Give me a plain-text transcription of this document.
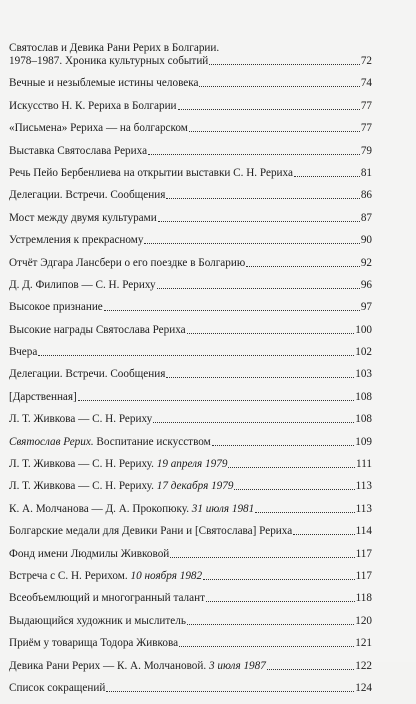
Святослав и Девика Рани Рерих в Болгарии.
1978–1987. Хроника культурных событий	72
Вечные и незыблемые истины человека	74
Искусство Н. К. Рериха в Болгарии	77
«Письмена» Рериха — на болгарском	77
Выставка Святослава Рериха	79
Речь Пейо Бербенлиева на открытии выставки С. Н. Рериха	81
Делегации. Встречи. Сообщения	86
Мост между двумя культурами	87
Устремления к прекрасному	90
Отчёт Эдгара Лансбери о его поездке в Болгарию	92
Д. Д. Филипов — С. Н. Рериху	96
Высокое признание	97
Высокие награды Святослава Рериха	100
Вчера	102
Делегации. Встречи. Сообщения	103
[Дарственная]	108
Л. Т. Живкова — С. Н. Рериху	108
Святослав Рерих. Воспитание искусством	109
Л. Т. Живкова — С. Н. Рериху. 19 апреля 1979	111
Л. Т. Живкова — С. Н. Рериху. 17 декабря 1979	113
К. А. Молчанова — Д. А. Прокопюку. 31 июля 1981	113
Болгарские медали для Девики Рани и [Святослава] Рериха	114
Фонд имени Людмилы Живковой	117
Встреча с С. Н. Рерихом. 10 ноября 1982	117
Всеобъемлющий и многогранный талант	118
Выдающийся художник и мыслитель	120
Приём у товарища Тодора Живкова	121
Девика Рани Рерих — К. А. Молчановой. 3 июля 1987	122
Список сокращений	124
